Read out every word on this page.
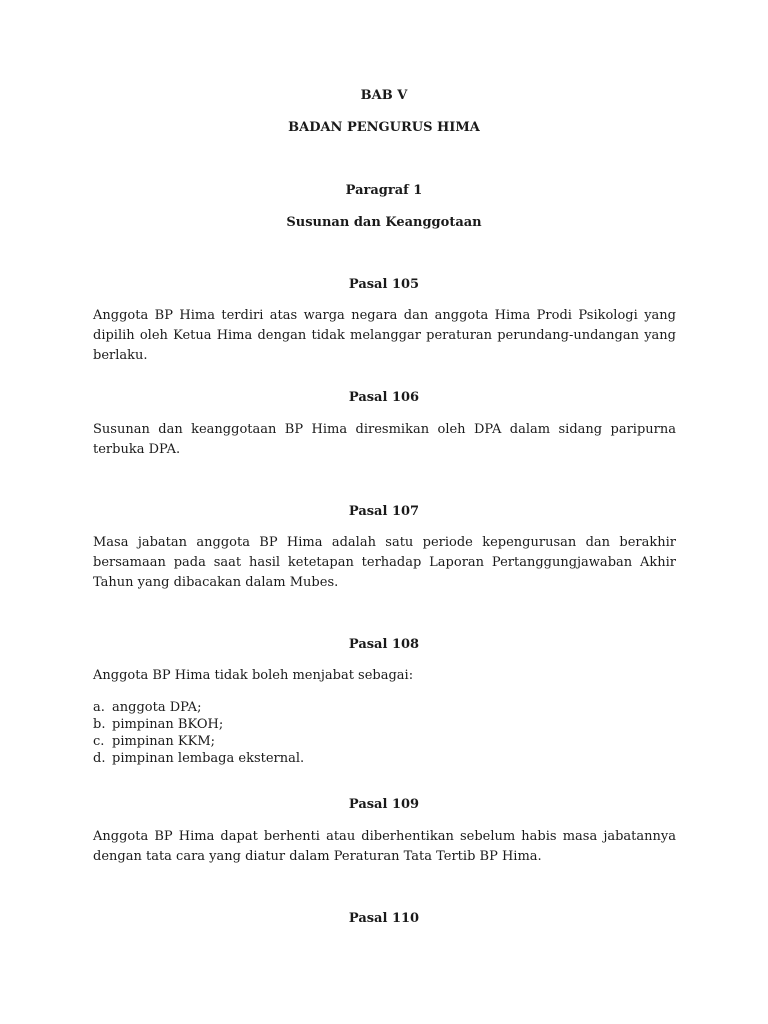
BAB V
BADAN PENGURUS HIMA
Paragraf 1
Susunan dan Keanggotaan
Pasal 105

Anggota BP Hima terdiri atas warga negara dan anggota Hima Prodi Psikologi yang dipilih oleh Ketua Hima dengan tidak melanggar peraturan perundang-undangan yang berlaku.

Pasal 106

Susunan dan keanggotaan BP Hima diresmikan oleh DPA dalam sidang paripurna terbuka DPA.

Pasal 107

Masa jabatan anggota BP Hima adalah satu periode kepengurusan dan berakhir bersamaan pada saat hasil ketetapan terhadap Laporan Pertanggungjawaban Akhir Tahun yang dibacakan dalam Mubes.

Pasal 108

Anggota BP Hima tidak boleh menjabat sebagai:

a. anggota DPA;
b. pimpinan BKOH;
c. pimpinan KKM;
d. pimpinan lembaga eksternal.
Pasal 109

Anggota BP Hima dapat berhenti atau diberhentikan sebelum habis masa jabatannya dengan tata cara yang diatur dalam Peraturan Tata Tertib BP Hima.

Pasal 110
